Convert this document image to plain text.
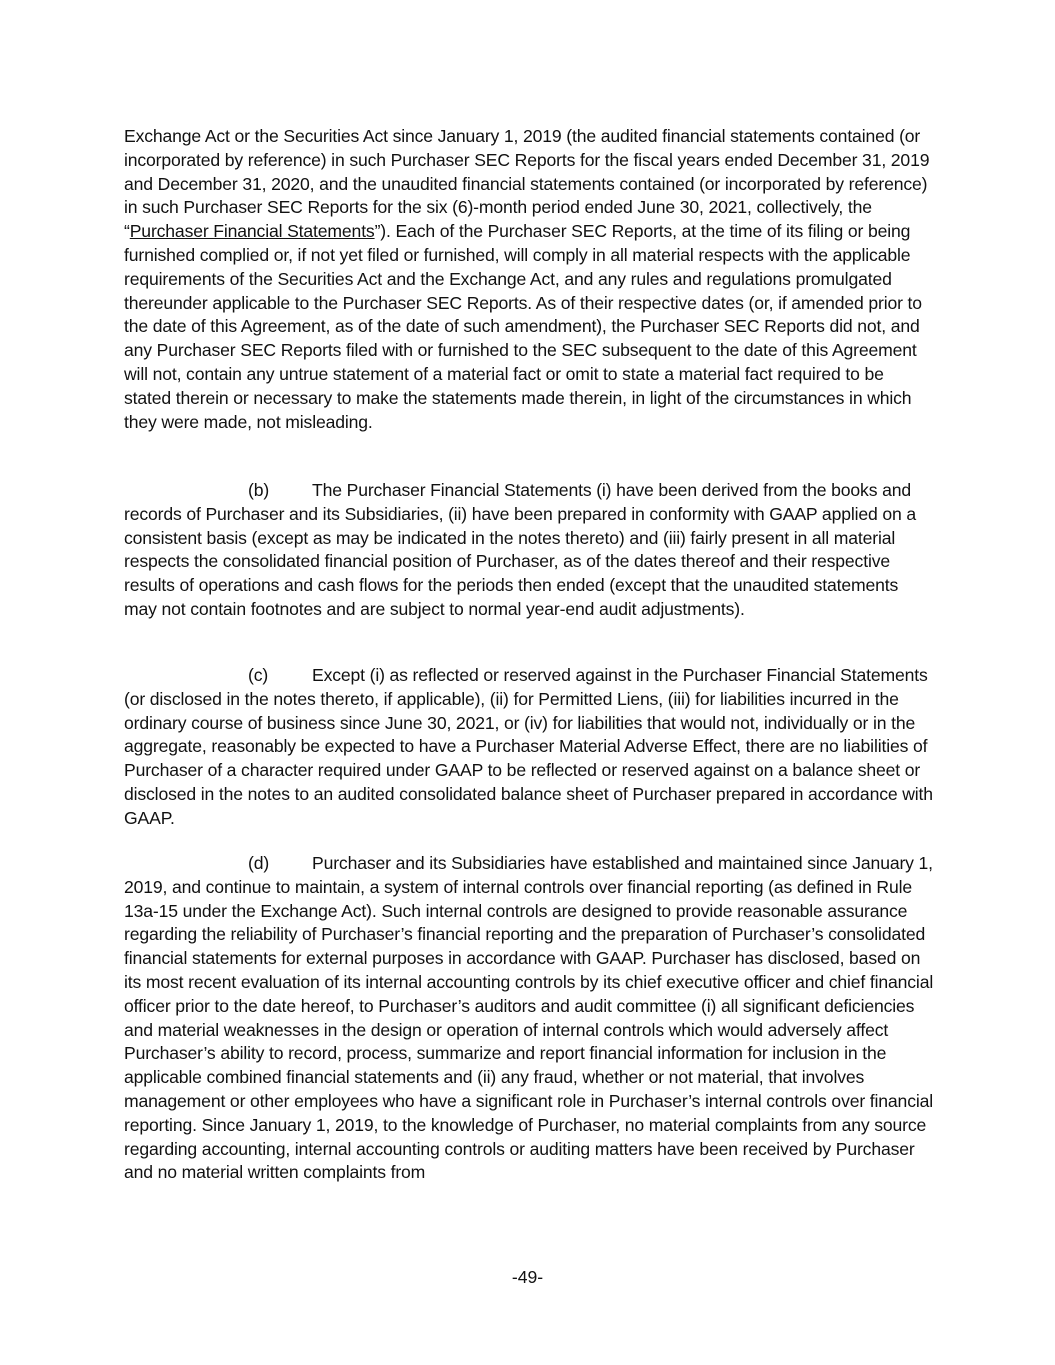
Exchange Act or the Securities Act since January 1, 2019 (the audited financial statements contained (or incorporated by reference) in such Purchaser SEC Reports for the fiscal years ended December 31, 2019 and December 31, 2020, and the unaudited financial statements contained (or incorporated by reference) in such Purchaser SEC Reports for the six (6)-month period ended June 30, 2021, collectively, the “Purchaser Financial Statements”). Each of the Purchaser SEC Reports, at the time of its filing or being furnished complied or, if not yet filed or furnished, will comply in all material respects with the applicable requirements of the Securities Act and the Exchange Act, and any rules and regulations promulgated thereunder applicable to the Purchaser SEC Reports. As of their respective dates (or, if amended prior to the date of this Agreement, as of the date of such amendment), the Purchaser SEC Reports did not, and any Purchaser SEC Reports filed with or furnished to the SEC subsequent to the date of this Agreement will not, contain any untrue statement of a material fact or omit to state a material fact required to be stated therein or necessary to make the statements made therein, in light of the circumstances in which they were made, not misleading.

(b) The Purchaser Financial Statements (i) have been derived from the books and records of Purchaser and its Subsidiaries, (ii) have been prepared in conformity with GAAP applied on a consistent basis (except as may be indicated in the notes thereto) and (iii) fairly present in all material respects the consolidated financial position of Purchaser, as of the dates thereof and their respective results of operations and cash flows for the periods then ended (except that the unaudited statements may not contain footnotes and are subject to normal year-end audit adjustments).

(c) Except (i) as reflected or reserved against in the Purchaser Financial Statements (or disclosed in the notes thereto, if applicable), (ii) for Permitted Liens, (iii) for liabilities incurred in the ordinary course of business since June 30, 2021, or (iv) for liabilities that would not, individually or in the aggregate, reasonably be expected to have a Purchaser Material Adverse Effect, there are no liabilities of Purchaser of a character required under GAAP to be reflected or reserved against on a balance sheet or disclosed in the notes to an audited consolidated balance sheet of Purchaser prepared in accordance with GAAP.

(d) Purchaser and its Subsidiaries have established and maintained since January 1, 2019, and continue to maintain, a system of internal controls over financial reporting (as defined in Rule 13a-15 under the Exchange Act). Such internal controls are designed to provide reasonable assurance regarding the reliability of Purchaser’s financial reporting and the preparation of Purchaser’s consolidated financial statements for external purposes in accordance with GAAP. Purchaser has disclosed, based on its most recent evaluation of its internal accounting controls by its chief executive officer and chief financial officer prior to the date hereof, to Purchaser’s auditors and audit committee (i) all significant deficiencies and material weaknesses in the design or operation of internal controls which would adversely affect Purchaser’s ability to record, process, summarize and report financial information for inclusion in the applicable combined financial statements and (ii) any fraud, whether or not material, that involves management or other employees who have a significant role in Purchaser’s internal controls over financial reporting. Since January 1, 2019, to the knowledge of Purchaser, no material complaints from any source regarding accounting, internal accounting controls or auditing matters have been received by Purchaser and no material written complaints from

-49-
